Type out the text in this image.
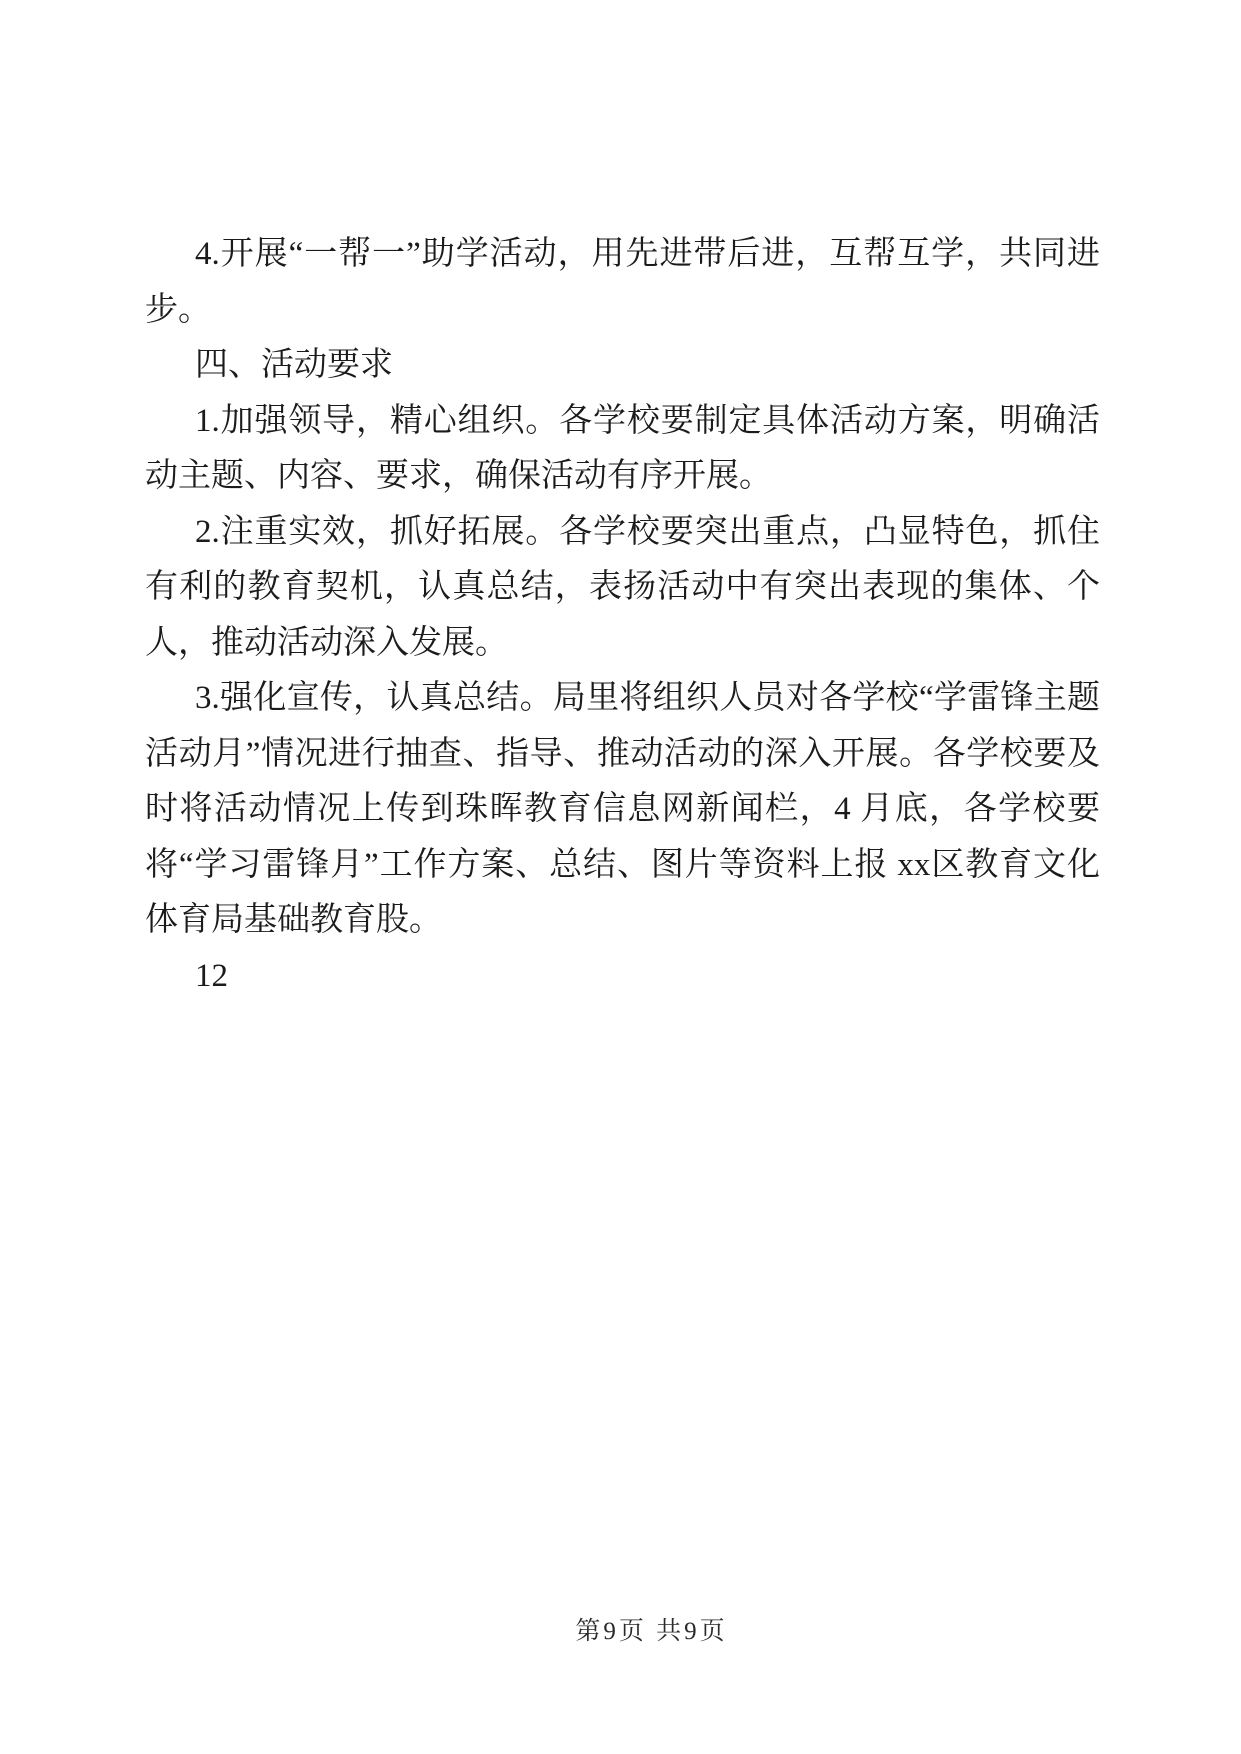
4.开展“一帮一”助学活动，用先进带后进，互帮互学，共同进步。

四、活动要求

1.加强领导，精心组织。各学校要制定具体活动方案，明确活动主题、内容、要求，确保活动有序开展。

2.注重实效，抓好拓展。各学校要突出重点，凸显特色，抓住有利的教育契机，认真总结，表扬活动中有突出表现的集体、个人，推动活动深入发展。

3.强化宣传，认真总结。局里将组织人员对各学校“学雷锋主题活动月”情况进行抽查、指导、推动活动的深入开展。各学校要及时将活动情况上传到珠晖教育信息网新闻栏，4 月底，各学校要将“学习雷锋月”工作方案、总结、图片等资料上报 xx区教育文化体育局基础教育股。

12

第9页 共9页
